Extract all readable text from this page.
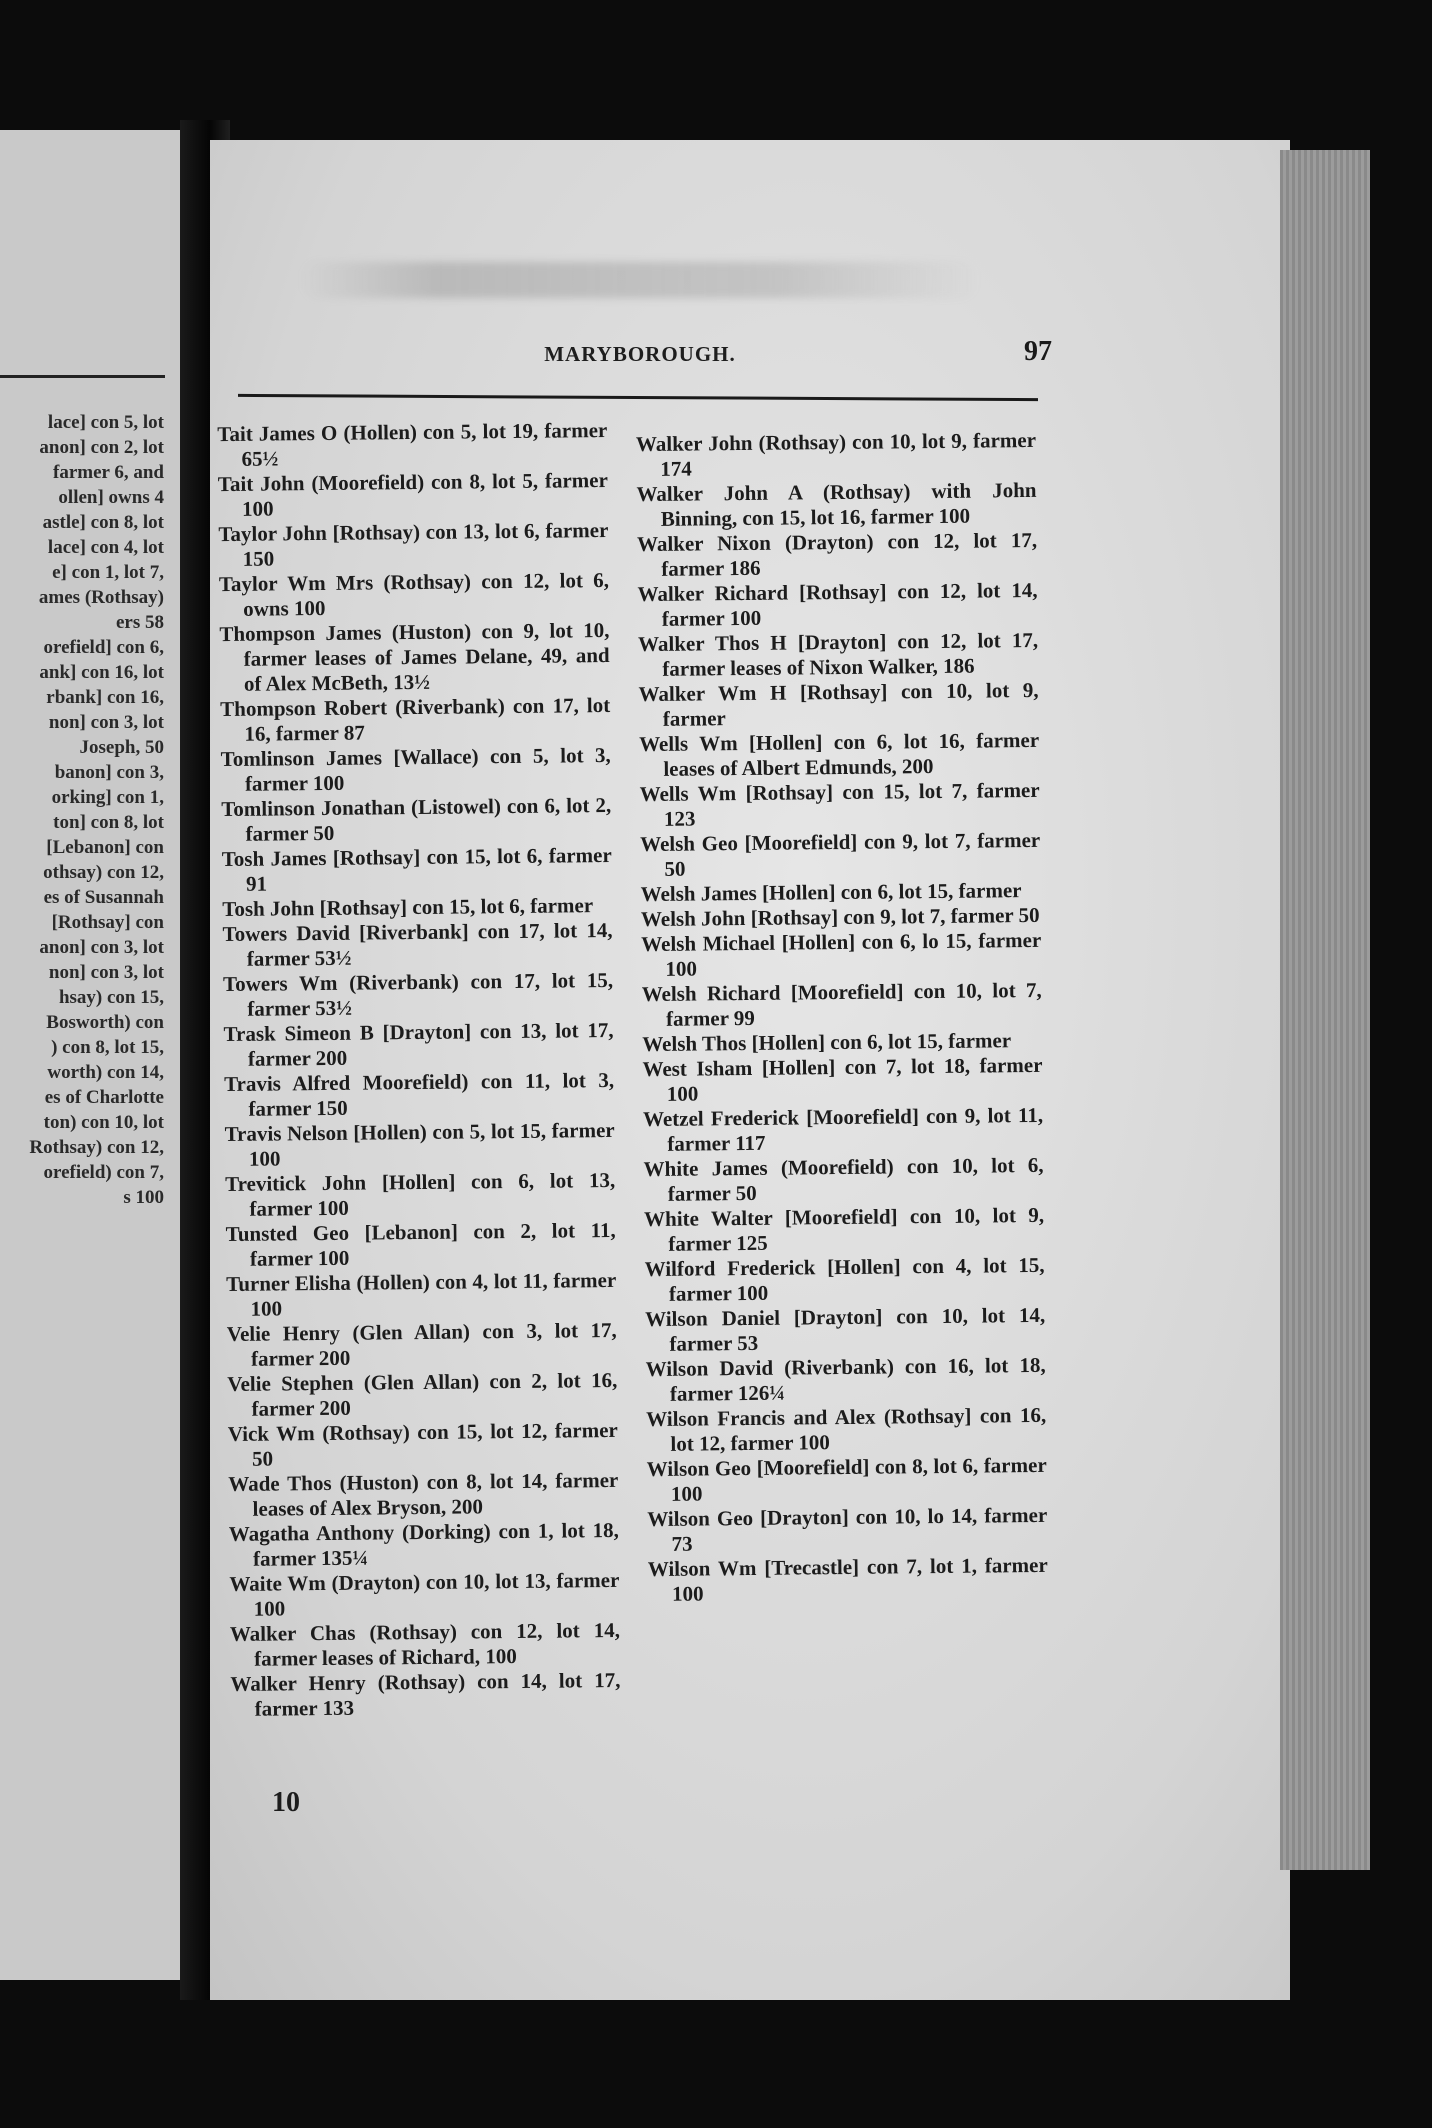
lace] con 5, lot
anon] con 2, lot
farmer 6, and
ollen] owns 4
astle] con 8, lot
lace] con 4, lot
e] con 1, lot 7,
ames (Rothsay)
ers 58
orefield] con 6,
ank] con 16, lot
rbank] con 16,
non] con 3, lot
Joseph, 50
banon] con 3,
orking] con 1,
ton] con 8, lot
[Lebanon] con
othsay) con 12,
es of Susannah
[Rothsay] con
anon] con 3, lot
non] con 3, lot
hsay) con 15,
Bosworth) con
) con 8, lot 15,
worth) con 14,
es of Charlotte
ton) con 10, lot
Rothsay) con 12,
orefield) con 7,
s 100
MARYBOROUGH.	97
Tait James O (Hollen) con 5, lot 19, farmer 65½
Tait John (Moorefield) con 8, lot 5, farmer 100
Taylor John [Rothsay) con 13, lot 6, farmer 150
Taylor Wm Mrs (Rothsay) con 12, lot 6, owns 100
Thompson James (Huston) con 9, lot 10, farmer leases of James Delane, 49, and of Alex McBeth, 13½
Thompson Robert (Riverbank) con 17, lot 16, farmer 87
Tomlinson James [Wallace) con 5, lot 3, farmer 100
Tomlinson Jonathan (Listowel) con 6, lot 2, farmer 50
Tosh James [Rothsay] con 15, lot 6, farmer 91
Tosh John [Rothsay] con 15, lot 6, farmer
Towers David [Riverbank] con 17, lot 14, farmer 53½
Towers Wm (Riverbank) con 17, lot 15, farmer 53½
Trask Simeon B [Drayton] con 13, lot 17, farmer 200
Travis Alfred Moorefield) con 11, lot 3, farmer 150
Travis Nelson [Hollen) con 5, lot 15, farmer 100
Trevitick John [Hollen] con 6, lot 13, farmer 100
Tunsted Geo [Lebanon] con 2, lot 11, farmer 100
Turner Elisha (Hollen) con 4, lot 11, farmer 100
Velie Henry (Glen Allan) con 3, lot 17, farmer 200
Velie Stephen (Glen Allan) con 2, lot 16, farmer 200
Vick Wm (Rothsay) con 15, lot 12, farmer 50
Wade Thos (Huston) con 8, lot 14, farmer leases of Alex Bryson, 200
Wagatha Anthony (Dorking) con 1, lot 18, farmer 135¼
Waite Wm (Drayton) con 10, lot 13, farmer 100
Walker Chas (Rothsay) con 12, lot 14, farmer leases of Richard, 100
Walker Henry (Rothsay) con 14, lot 17, farmer 133
Walker John (Rothsay) con 10, lot 9, farmer 174
Walker John A (Rothsay) with John Binning, con 15, lot 16, farmer 100
Walker Nixon (Drayton) con 12, lot 17, farmer 186
Walker Richard [Rothsay] con 12, lot 14, farmer 100
Walker Thos H [Drayton] con 12, lot 17, farmer leases of Nixon Walker, 186
Walker Wm H [Rothsay] con 10, lot 9, farmer
Wells Wm [Hollen] con 6, lot 16, farmer leases of Albert Edmunds, 200
Wells Wm [Rothsay] con 15, lot 7, farmer 123
Welsh Geo [Moorefield] con 9, lot 7, farmer 50
Welsh James [Hollen] con 6, lot 15, farmer
Welsh John [Rothsay] con 9, lot 7, farmer 50
Welsh Michael [Hollen] con 6, lo 15, farmer 100
Welsh Richard [Moorefield] con 10, lot 7, farmer 99
Welsh Thos [Hollen] con 6, lot 15, farmer
West Isham [Hollen] con 7, lot 18, farmer 100
Wetzel Frederick [Moorefield] con 9, lot 11, farmer 117
White James (Moorefield) con 10, lot 6, farmer 50
White Walter [Moorefield] con 10, lot 9, farmer 125
Wilford Frederick [Hollen] con 4, lot 15, farmer 100
Wilson Daniel [Drayton] con 10, lot 14, farmer 53
Wilson David (Riverbank) con 16, lot 18, farmer 126¼
Wilson Francis and Alex (Rothsay] con 16, lot 12, farmer 100
Wilson Geo [Moorefield] con 8, lot 6, farmer 100
Wilson Geo [Drayton] con 10, lo 14, farmer 73
Wilson Wm [Trecastle] con 7, lot 1, farmer 100
10
